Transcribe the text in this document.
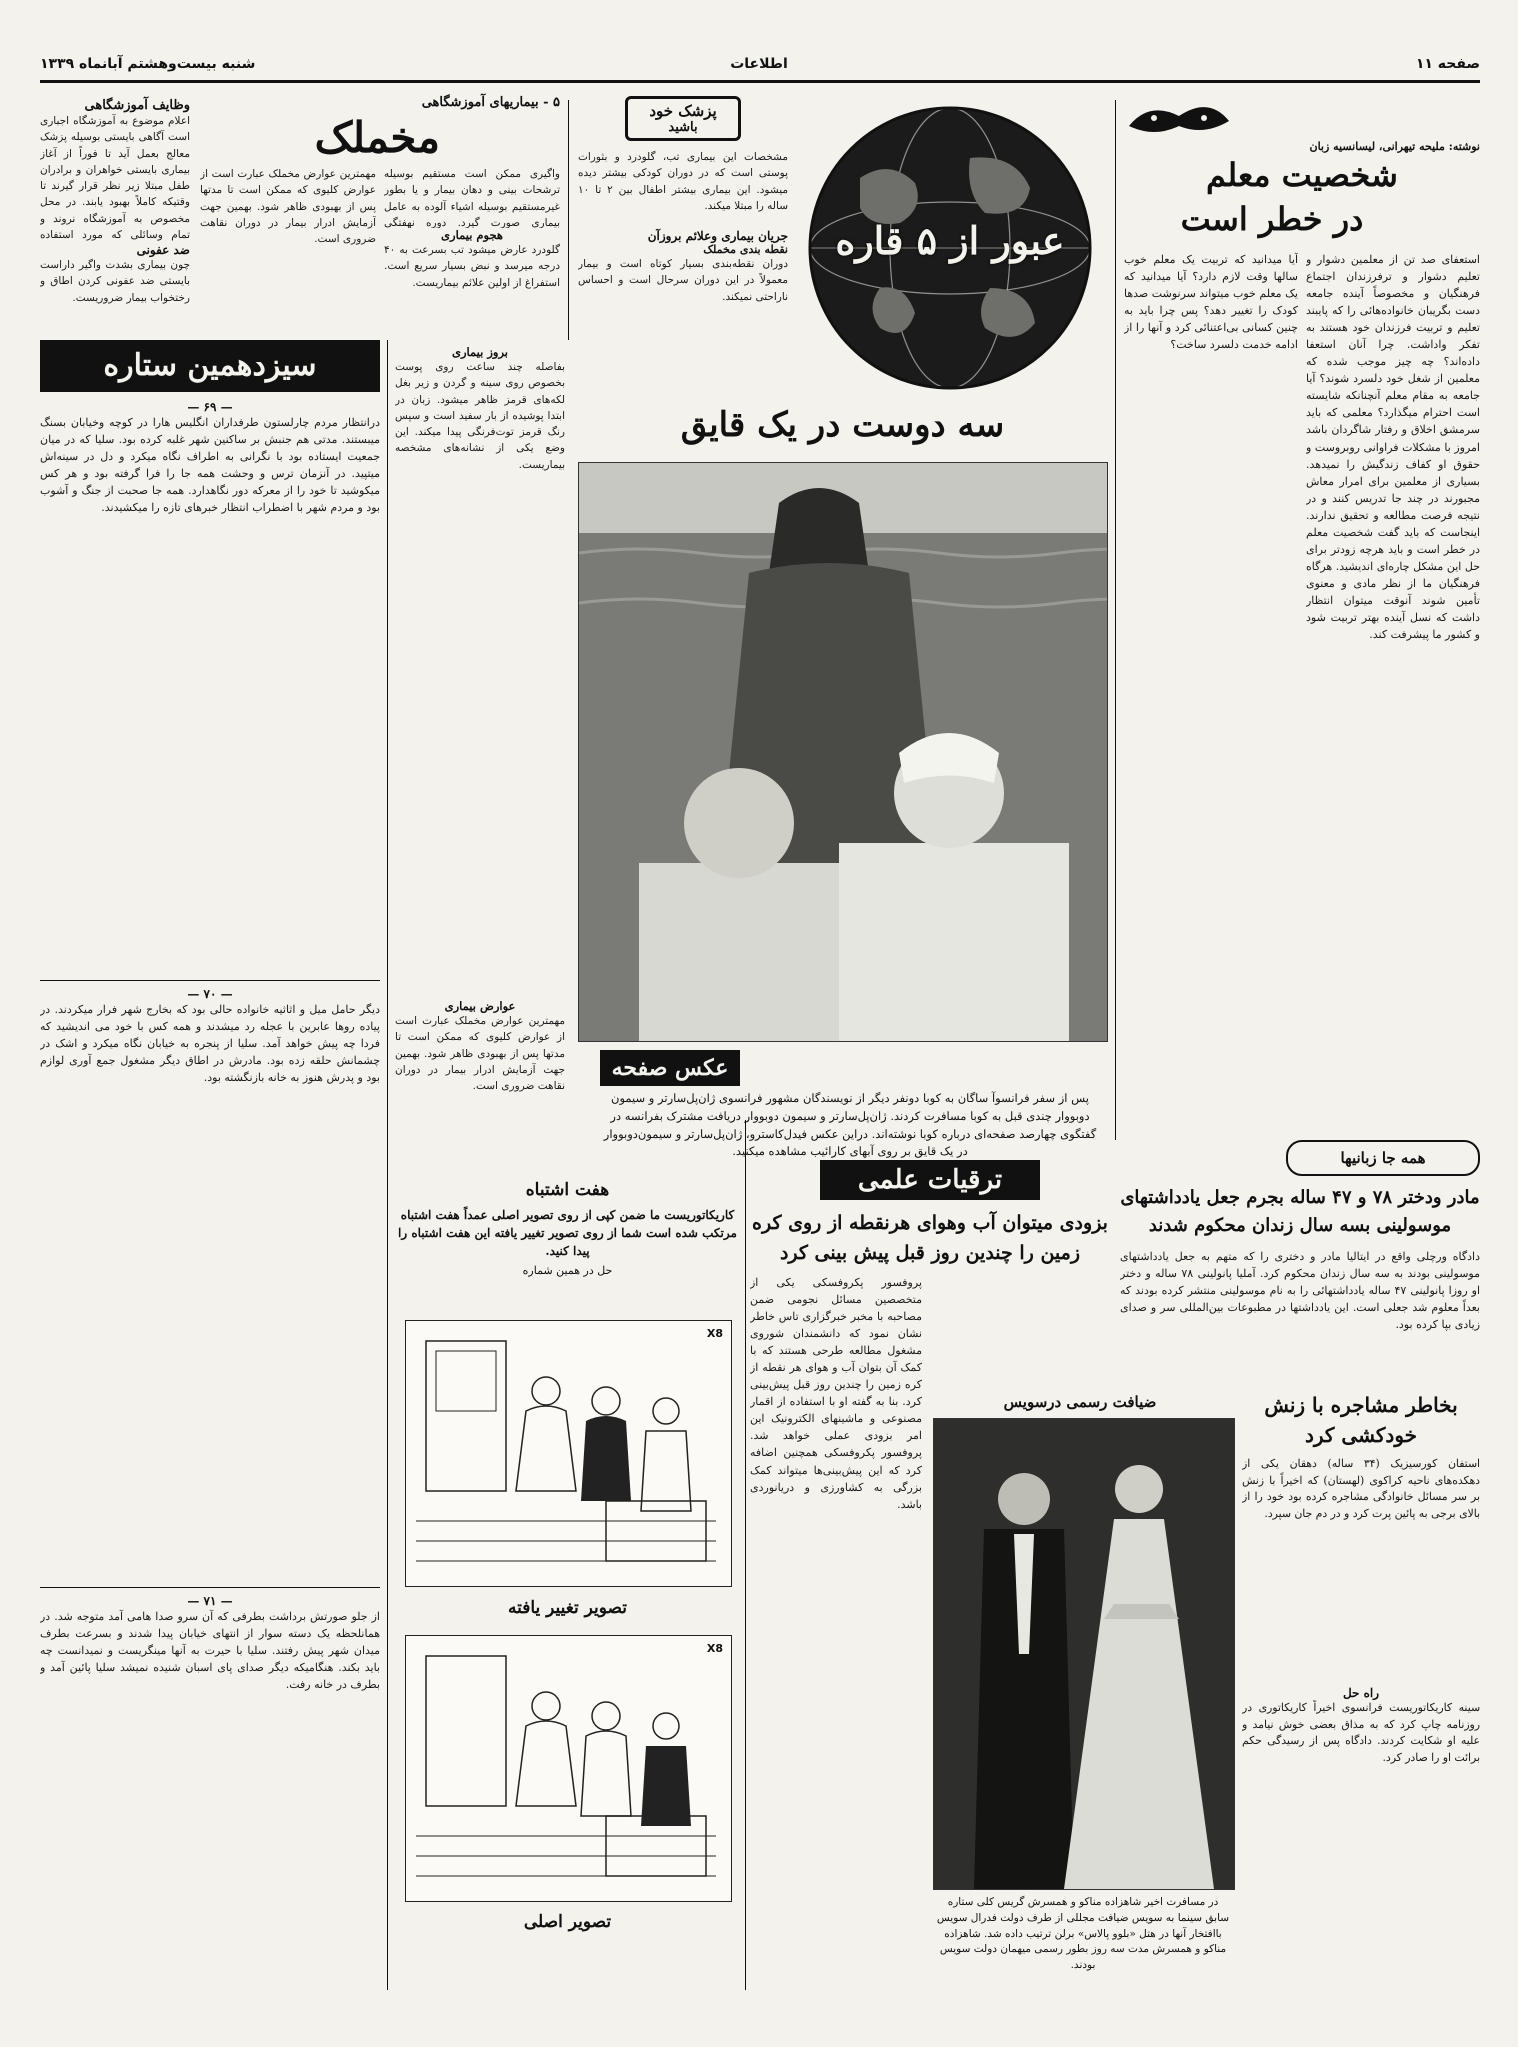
شنبه بیست‌وهشتم آبانماه ۱۳۳۹	اطلاعات	صفحه ۱۱
وظایف آموزشگاهی
اعلام موضوع به آموزشگاه اجباری است آگاهی بایستی بوسیله پزشک معالج بعمل آید تا فوراً از آغاز بیماری بایستی خواهران و برادران طفل مبتلا زیر نظر قرار گیرند تا وقتیکه کاملاً بهبود یابند. در محل مخصوص به آموزشگاه نروند و تمام وسائلی که مورد استفاده
ضد عفونی
چون بیماری بشدت واگیر داراست بایستی ضد عفونی کردن اطاق و رختخواب بیمار ضروریست.
۵ - بیماریهای آموزشگاهی
مخملک
واگیری ممکن است مستقیم بوسیله ترشحات بینی و دهان بیمار و یا بطور غیرمستقیم بوسیله اشیاء آلوده به عامل بیماری صورت گیرد. دوره نهفتگی
هجوم بیماری
گلودرد عارض میشود تب بسرعت به ۴۰ درجه میرسد و نبض بسیار سریع است. استفراغ از اولین علائم بیماریست.
مهمترین عوارض مخملک عبارت است از عوارض کلیوی که ممکن است تا مدتها پس از بهبودی ظاهر شود. بهمین جهت آزمایش ادرار بیمار در دوران نقاهت ضروری است.
پزشک خود
باشید
مشخصات این بیماری تب، گلودرد و بثورات پوستی است که در دوران کودکی بیشتر دیده میشود. این بیماری بیشتر اطفال بین ۲ تا ۱۰ ساله را مبتلا میکند.
جریان بیماری وعلائم بروزآن
نقطه بندی مخملک
دوران نقطه‌بندی بسیار کوتاه است و بیمار معمولاً در این دوران سرحال است و احساس ناراحتی نمیکند.
عبور از ۵ قاره
نوشته: ملیحه تیهرانی، لیسانسیه زبان
شخصیت معلم
در خطر است
استعفای صد تن از معلمین دشوار و تعلیم دشوار و ترفرزندان اجتماع فرهنگیان و مخصوصاً آینده جامعه دست بگریبان خانواده‌هائی را که پایبند تعلیم و تربیت فرزندان خود هستند به تفکر واداشت. چرا آنان استعفا داده‌اند؟ چه چیز موجب شده که معلمین از شغل خود دلسرد شوند؟ آیا جامعه به مقام معلم آنچنانکه شایسته است احترام میگذارد؟ معلمی که باید سرمشق اخلاق و رفتار شاگردان باشد امروز با مشکلات فراوانی روبروست و حقوق او کفاف زندگیش را نمیدهد. بسیاری از معلمین برای امرار معاش مجبورند در چند جا تدریس کنند و در نتیجه فرصت مطالعه و تحقیق ندارند. اینجاست که باید گفت شخصیت معلم در خطر است و باید هرچه زودتر برای حل این مشکل چاره‌ای اندیشید. هرگاه فرهنگیان ما از نظر مادی و معنوی تأمین شوند آنوقت میتوان انتظار داشت که نسل آینده بهتر تربیت شود و کشور ما پیشرفت کند.
آیا میدانید که تربیت یک معلم خوب سالها وقت لازم دارد؟ آیا میدانید که یک معلم خوب میتواند سرنوشت صدها کودک را تغییر دهد؟ پس چرا باید به چنین کسانی بی‌اعتنائی کرد و آنها را از ادامه خدمت دلسرد ساخت؟
سیزدهمین ستاره
— ۶۹ —
درانتظار مردم چارلستون طرفداران انگلیس هارا در کوچه وخیابان بسنگ میبستند. مدتی هم جنبش بر ساکنین شهر غلبه کرده بود. سلیا که در میان جمعیت ایستاده بود با نگرانی به اطراف نگاه میکرد و دل در سینه‌اش میتپید. در آنزمان ترس و وحشت همه جا را فرا گرفته بود و هر کس میکوشید تا خود را از معرکه دور نگاهدارد. همه جا صحبت از جنگ و آشوب بود و مردم شهر با اضطراب انتظار خبرهای تازه را میکشیدند.
— ۷۰ —
دیگر حامل میل و اثاثیه خانواده حالی بود که بخارج شهر فرار میکردند. در پیاده روها عابرین با عجله رد میشدند و همه کس با خود می اندیشید که فردا چه پیش خواهد آمد. سلیا از پنجره به خیابان نگاه میکرد و اشک در چشمانش حلقه زده بود. مادرش در اطاق دیگر مشغول جمع آوری لوازم بود و پدرش هنوز به خانه بازنگشته بود.
— ۷۱ —
از جلو صورتش برداشت بطرفی که آن سرو صدا هامی آمد متوجه شد. در همانلحظه یک دسته سوار از انتهای خیابان پیدا شدند و بسرعت بطرف میدان شهر پیش رفتند. سلیا با حیرت به آنها مینگریست و نمیدانست چه باید بکند. هنگامیکه دیگر صدای پای اسبان شنیده نمیشد سلیا پائین آمد و بطرف در خانه رفت.
بروز بیماری
بفاصله چند ساعت روی پوست بخصوص روی سینه و گردن و زیر بغل لکه‌های قرمز ظاهر میشود. زبان در ابتدا پوشیده از بار سفید است و سپس رنگ قرمز توت‌فرنگی پیدا میکند. این وضع یکی از نشانه‌های مشخصه بیماریست.
عوارض بیماری
مهمترین عوارض مخملک عبارت است از عوارض کلیوی که ممکن است تا مدتها پس از بهبودی ظاهر شود. بهمین جهت آزمایش ادرار بیمار در دوران نقاهت ضروری است.
سه دوست در یک قایق
عکس صفحه
پس از سفر فرانسوآ ساگان به کوبا دونفر دیگر از نویسندگان مشهور فرانسوی ژان‌پل‌سارتر و سیمون دوبووار چندی قبل به کوبا مسافرت کردند. ژان‌پل‌سارتر و سیمون دوبووار دریافت مشترک بفرانسه در گفتگوی چهارصد صفحه‌ای درباره کوبا نوشته‌اند. دراین عکس فیدل‌کاسترو، ژان‌پل‌سارتر و سیمون‌دوبووار در یک قایق بر روی آبهای کارائیب مشاهده میکنید.	همه جا زبانیها
مادر ودختر ۷۸ و ۴۷ ساله بجرم جعل یادداشتهای موسولینی بسه سال زندان محکوم شدند
دادگاه ورچلی واقع در ایتالیا مادر و دختری را که متهم به جعل یادداشتهای موسولینی بودند به سه سال زندان محکوم کرد. آملیا پانولینی ۷۸ ساله و دختر او روزا پانولینی ۴۷ ساله یادداشتهائی را به نام موسولینی منتشر کرده بودند که بعداً معلوم شد جعلی است. این یادداشتها در مطبوعات بین‌المللی سر و صدای زیادی بپا کرده بود.
ترقیات علمی
بزودی میتوان آب وهوای هرنقطه از روی کره زمین را چندین روز قبل پیش بینی کرد
پروفسور پکروفسکی یکی از متخصصین مسائل نجومی ضمن مصاحبه با مخبر خبرگزاری تاس خاطر نشان نمود که دانشمندان شوروی مشغول مطالعه طرحی هستند که با کمک آن بتوان آب و هوای هر نقطه از کره زمین را چندین روز قبل پیش‌بینی کرد. بنا به گفته او با استفاده از اقمار مصنوعی و ماشینهای الکترونیک این امر بزودی عملی خواهد شد. پروفسور پکروفسکی همچنین اضافه کرد که این پیش‌بینی‌ها میتواند کمک بزرگی به کشاورزی و دریانوردی باشد.
ضیافت رسمی درسویس
در مسافرت اخیر شاهزاده مناکو و همسرش گریس کلی ستاره سابق سینما به سویس ضیافت مجللی از طرف دولت فدرال سویس باافتخار آنها در هتل «بلوو پالاس» برلن ترتیب داده شد. شاهزاده مناکو و همسرش مدت سه روز بطور رسمی میهمان دولت سویس بودند.
بخاطر مشاجره با زنش خودکشی کرد
استفان کورسیزیک (۳۴ ساله) دهقان یکی از دهکده‌های ناحیه کراکوی (لهستان) که اخیراً با زنش بر سر مسائل خانوادگی مشاجره کرده بود خود را از بالای برجی به پائین پرت کرد و در دم جان سپرد.
راه حل
سینه کاریکاتوریست فرانسوی اخیراً کاریکاتوری در روزنامه چاپ کرد که به مذاق بعضی خوش نیامد و علیه او شکایت کردند. دادگاه پس از رسیدگی حکم برائت او را صادر کرد.
هفت اشتباه
کاریکاتوریست ما ضمن کپی از روی تصویر اصلی عمداً هفت اشتباه مرتکب شده است شما از روی تصویر تغییر یافته این هفت اشتباه را پیدا کنید.
حل در همین شماره
X8
تصویر تغییر یافته
X8
تصویر اصلی
